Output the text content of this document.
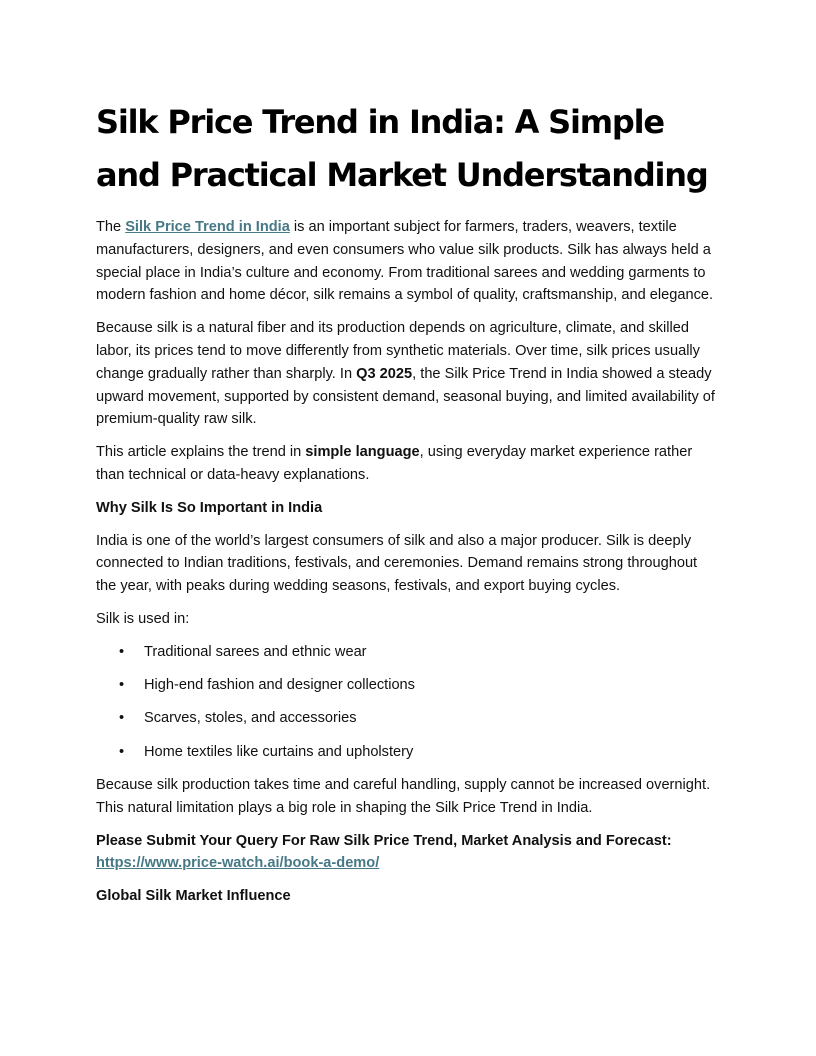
Silk Price Trend in India: A Simple and Practical Market Understanding

The Silk Price Trend in India is an important subject for farmers, traders, weavers, textile manufacturers, designers, and even consumers who value silk products. Silk has always held a special place in India’s culture and economy. From traditional sarees and wedding garments to modern fashion and home décor, silk remains a symbol of quality, craftsmanship, and elegance.

Because silk is a natural fiber and its production depends on agriculture, climate, and skilled labor, its prices tend to move differently from synthetic materials. Over time, silk prices usually change gradually rather than sharply. In Q3 2025, the Silk Price Trend in India showed a steady upward movement, supported by consistent demand, seasonal buying, and limited availability of premium-quality raw silk.

This article explains the trend in simple language, using everyday market experience rather than technical or data-heavy explanations.

Why Silk Is So Important in India

India is one of the world’s largest consumers of silk and also a major producer. Silk is deeply connected to Indian traditions, festivals, and ceremonies. Demand remains strong throughout the year, with peaks during wedding seasons, festivals, and export buying cycles.

Silk is used in:

• Traditional sarees and ethnic wear
• High-end fashion and designer collections
• Scarves, stoles, and accessories
• Home textiles like curtains and upholstery

Because silk production takes time and careful handling, supply cannot be increased overnight. This natural limitation plays a big role in shaping the Silk Price Trend in India.

Please Submit Your Query For Raw Silk Price Trend, Market Analysis and Forecast: https://www.price-watch.ai/book-a-demo/

Global Silk Market Influence
